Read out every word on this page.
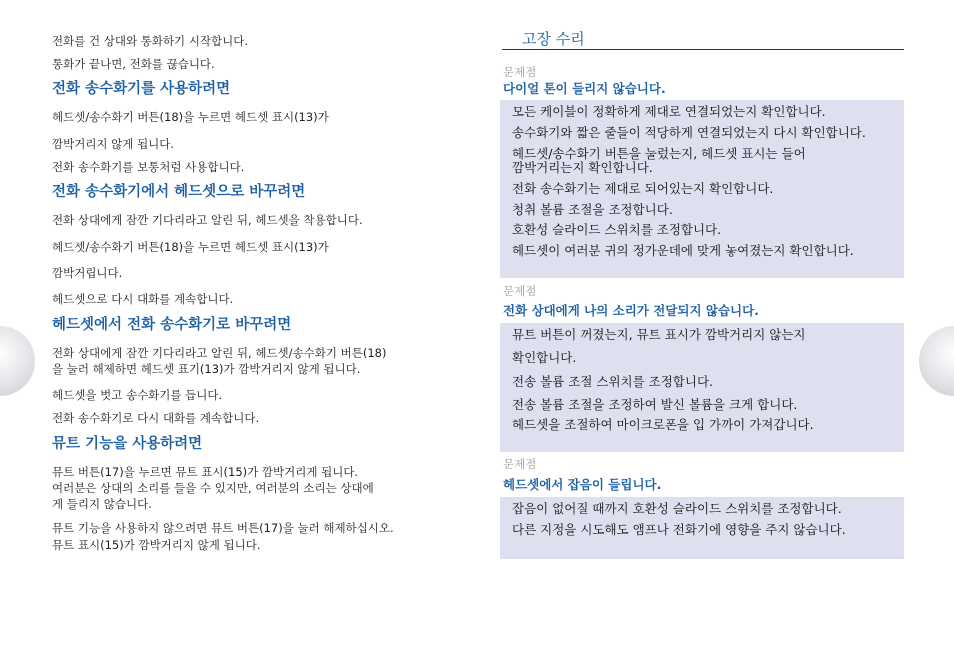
전화를 건 상대와 통화하기 시작합니다.

통화가 끝나면, 전화를 끊습니다.

전화 송수화기를 사용하려면

헤드셋/송수화기 버튼(18)을 누르면 헤드셋 표시(13)가

깜박거리지 않게 됩니다.

전화 송수화기를 보통처럼 사용합니다.

전화 송수화기에서 헤드셋으로 바꾸려면

전화 상대에게 잠깐 기다리라고 알린 뒤, 헤드셋을 착용합니다.

헤드셋/송수화기 버튼(18)을 누르면 헤드셋 표시(13)가

깜박거립니다.

헤드셋으로 다시 대화를 계속합니다.

헤드셋에서 전화 송수화기로 바꾸려면

전화 상대에게 잠깐 기다리라고 알린 뒤, 헤드셋/송수화기 버튼(18)

을 눌러 해제하면 헤드셋 표기(13)가 깜박거리지 않게 됩니다.

헤드셋을 벗고 송수화기를 듭니다.

전화 송수화기로 다시 대화를 계속합니다.

뮤트 기능을 사용하려면

뮤트 버튼(17)을 누르면 뮤트 표시(15)가 깜박거리게 됩니다.

여러분은 상대의 소리를 들을 수 있지만, 여러분의 소리는 상대에

게 들리지 않습니다.

뮤트 기능을 사용하지 않으려면 뮤트 버튼(17)을 눌러 해제하십시오.

뮤트 표시(15)가 깜박거리지 않게 됩니다.

고장 수리

문제점

다이얼 톤이 들리지 않습니다.

모든 케이블이 정확하게 제대로 연결되었는지 확인합니다.

송수화기와 짧은 줄들이 적당하게 연결되었는지 다시 확인합니다.

헤드셋/송수화기 버튼을 눌렀는지, 헤드셋 표시는 들어

깜박거리는지 확인합니다.

전화 송수화기는 제대로 되어있는지 확인합니다.

청취 볼륨 조절을 조정합니다.

호환성 슬라이드 스위치를 조정합니다.

헤드셋이 여러분 귀의 정가운데에 맞게 놓여졌는지 확인합니다.

문제점

전화 상대에게 나의 소리가 전달되지 않습니다.

뮤트 버튼이 꺼졌는지, 뮤트 표시가 깜박거리지 않는지

확인합니다.

전송 볼륨 조절 스위치를 조정합니다.

전송 볼륨 조절을 조정하여 발신 볼륨을 크게 합니다.

헤드셋을 조절하여 마이크로폰을 입 가까이 가져갑니다.

문제점

헤드셋에서 잡음이 들립니다.

잡음이 없어질 때까지 호환성 슬라이드 스위치를 조정합니다.

다른 지정을 시도해도 앰프나 전화기에 영향을 주지 않습니다.
